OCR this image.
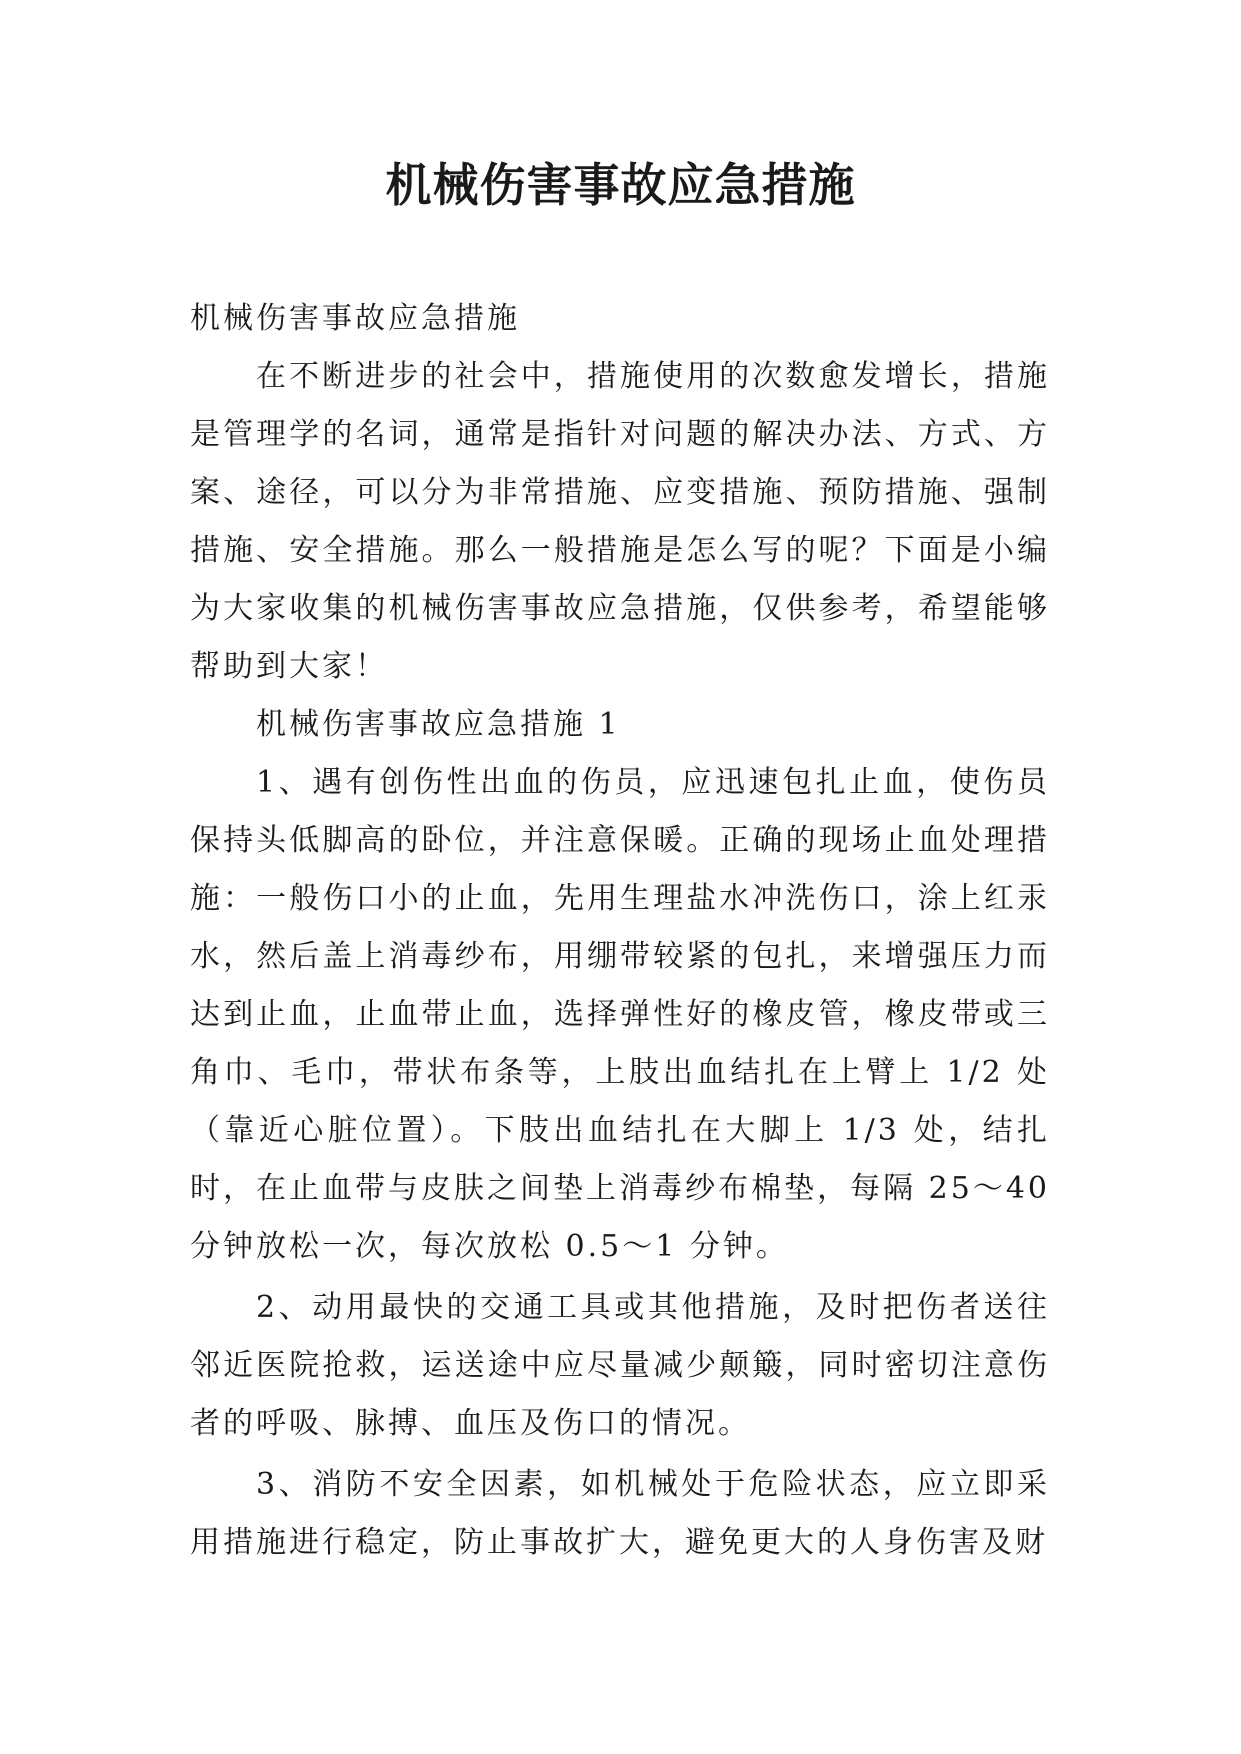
机械伤害事故应急措施

机械伤害事故应急措施

在不断进步的社会中，措施使用的次数愈发增长，措施是管理学的名词，通常是指针对问题的解决办法、方式、方案、途径，可以分为非常措施、应变措施、预防措施、强制措施、安全措施。那么一般措施是怎么写的呢？下面是小编为大家收集的机械伤害事故应急措施，仅供参考，希望能够帮助到大家！

机械伤害事故应急措施 1

1、遇有创伤性出血的伤员，应迅速包扎止血，使伤员保持头低脚高的卧位，并注意保暖。正确的现场止血处理措施：一般伤口小的止血，先用生理盐水冲洗伤口，涂上红汞水，然后盖上消毒纱布，用绷带较紧的包扎，来增强压力而达到止血，止血带止血，选择弹性好的橡皮管，橡皮带或三角巾、毛巾，带状布条等，上肢出血结扎在上臂上 1/2 处（靠近心脏位置）。下肢出血结扎在大脚上 1/3 处，结扎时，在止血带与皮肤之间垫上消毒纱布棉垫，每隔 25～40 分钟放松一次，每次放松 0.5～1 分钟。

2、动用最快的交通工具或其他措施，及时把伤者送往邻近医院抢救，运送途中应尽量减少颠簸，同时密切注意伤者的呼吸、脉搏、血压及伤口的情况。

3、消防不安全因素，如机械处于危险状态，应立即采用措施进行稳定，防止事故扩大，避免更大的人身伤害及财
